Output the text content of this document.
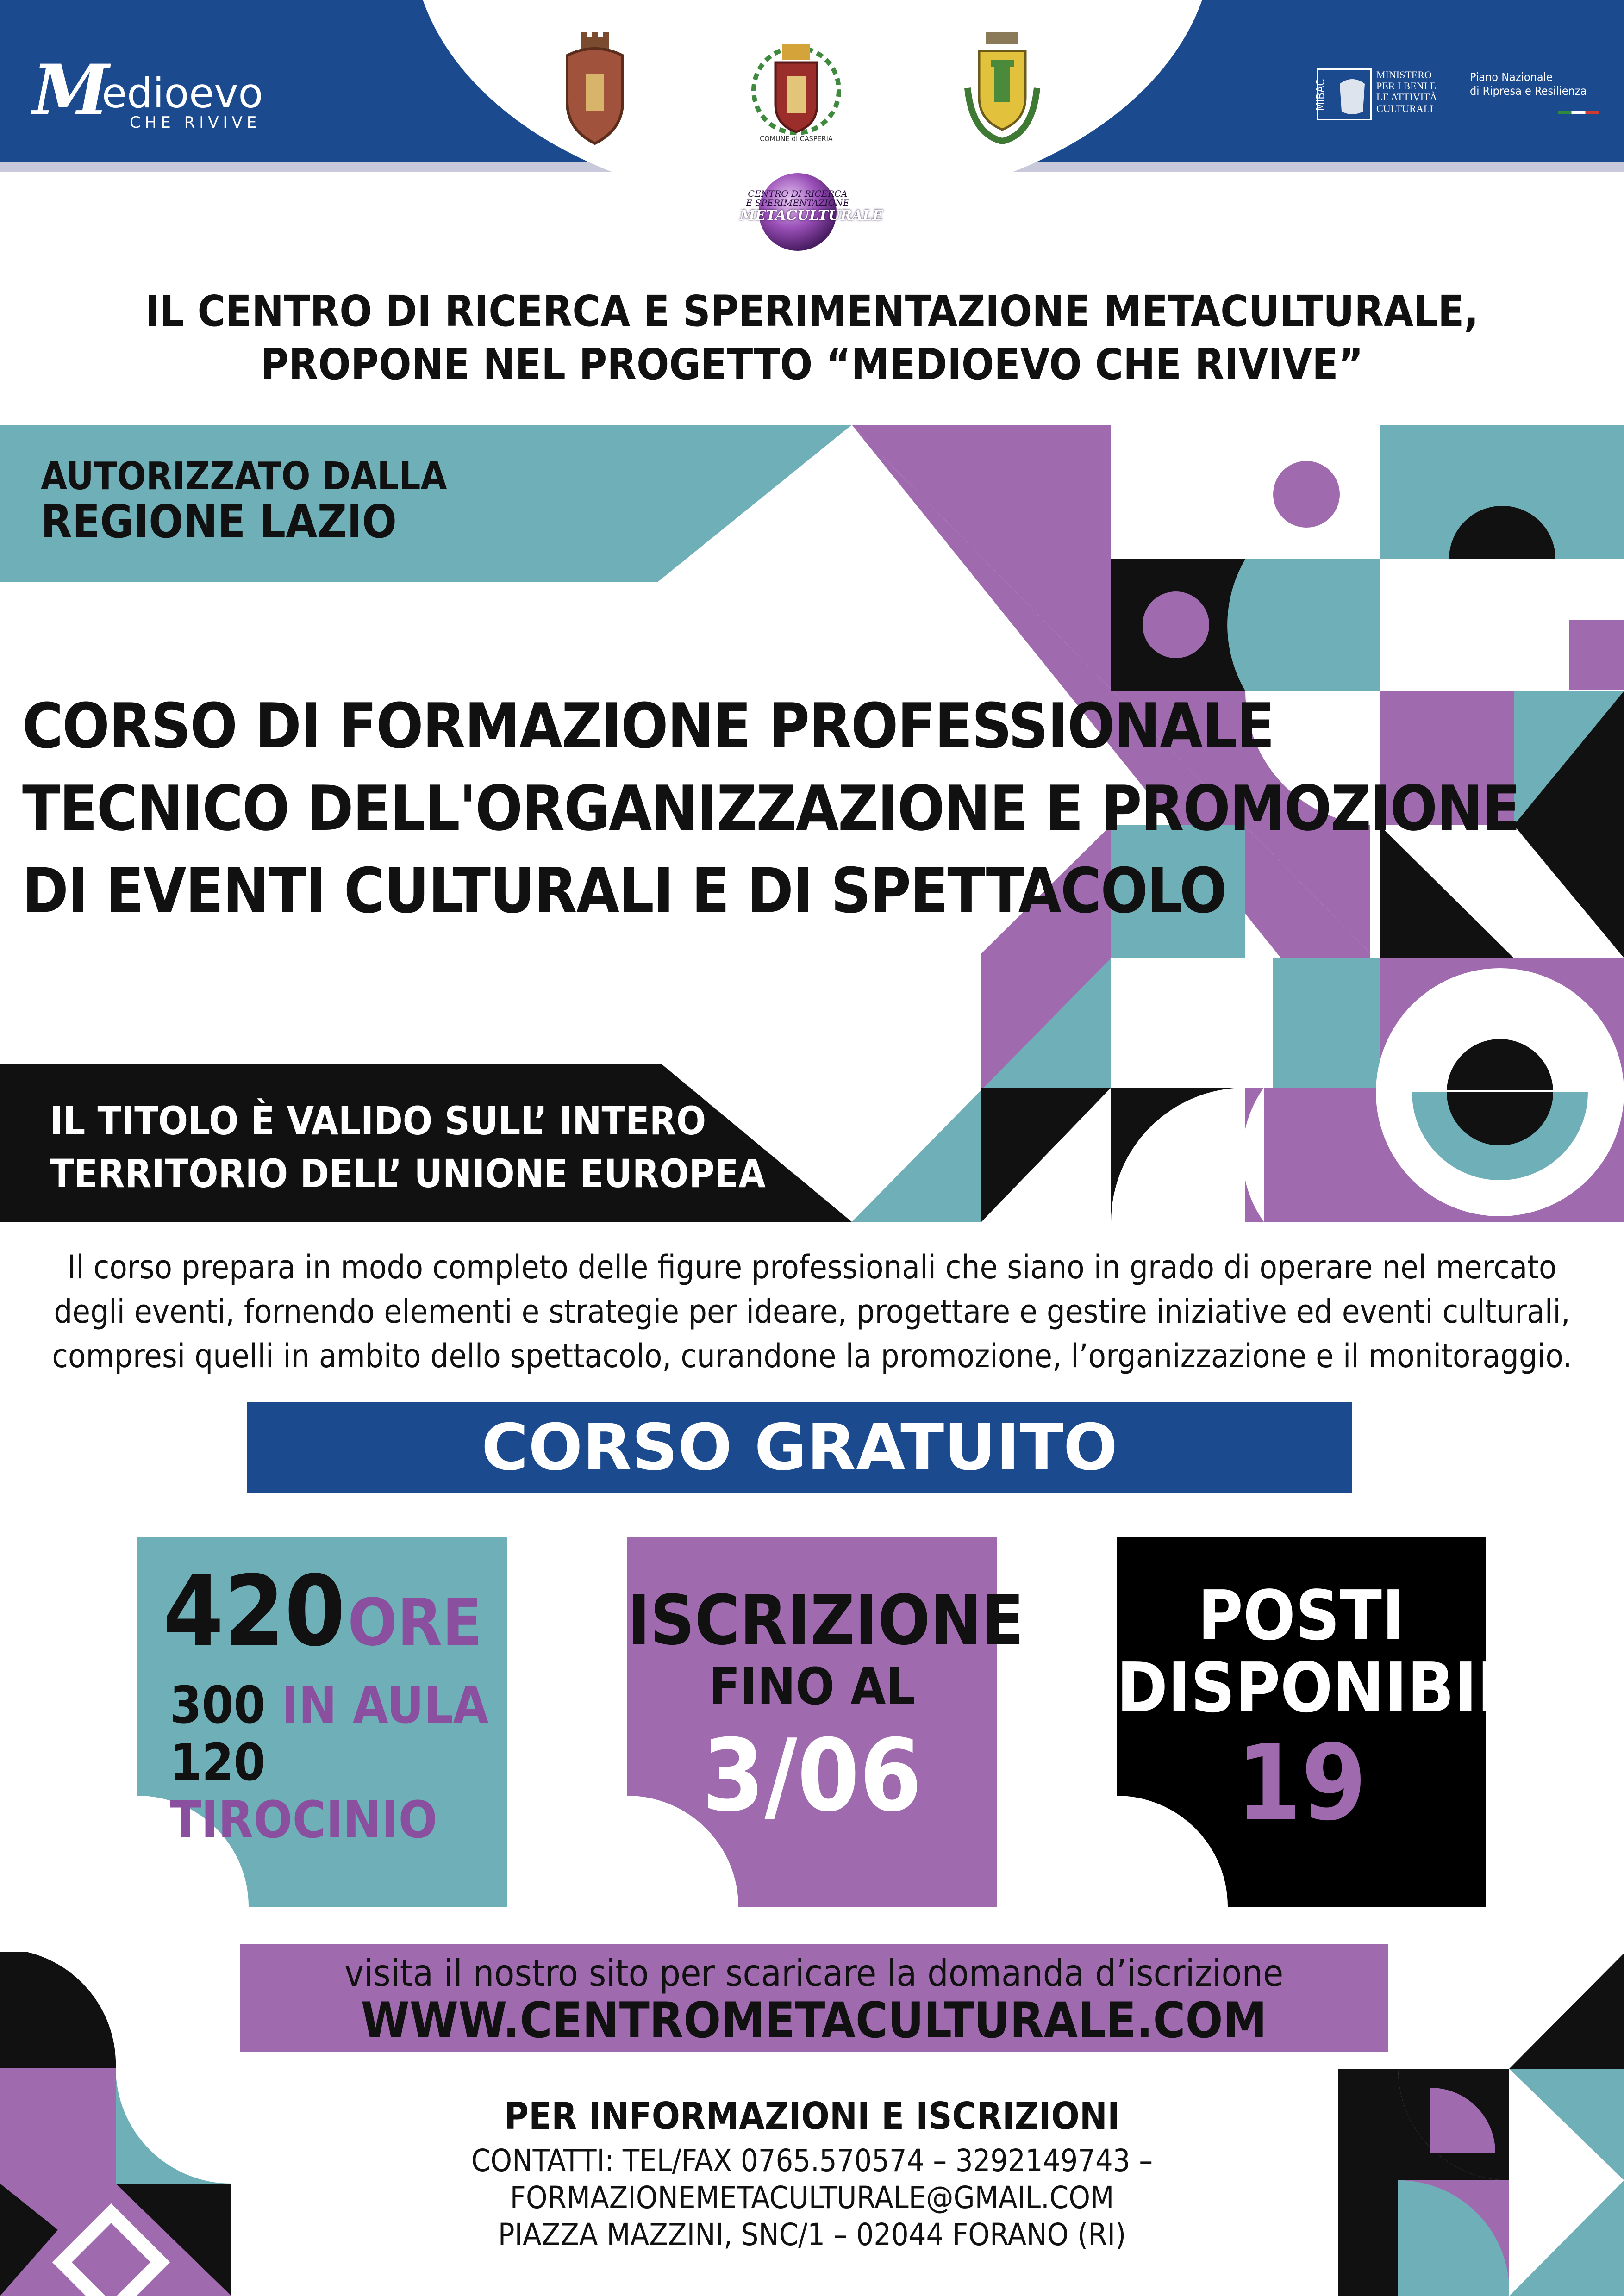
M
edioevo
CHE RIVIVE
COMUNE di CASPERIA
MiBAC
MINISTERO
PER I BENI E
LE ATTIVITÀ
CULTURALI
Piano Nazionale
di Ripresa e Resilienza
CENTRO DI RICERCA
E SPERIMENTAZIONE
METACULTURALE
IL CENTRO DI RICERCA E SPERIMENTAZIONE METACULTURALE,
PROPONE NEL PROGETTO “MEDIOEVO CHE RIVIVE”
AUTORIZZATO DALLA
REGIONE LAZIO
CORSO DI FORMAZIONE PROFESSIONALE
TECNICO DELL'ORGANIZZAZIONE E PROMOZIONE
DI EVENTI CULTURALI E DI SPETTACOLO
IL TITOLO È VALIDO SULL’ INTERO
TERRITORIO DELL’ UNIONE EUROPEA
Il corso prepara in modo completo delle figure professionali che siano in grado di operare nel mercato
degli eventi, fornendo elementi e strategie per ideare, progettare e gestire iniziative ed eventi culturali,
compresi quelli in ambito dello spettacolo, curandone la promozione, l’organizzazione e il monitoraggio.
CORSO GRATUITO
420 ORE
300 IN AULA
120 TIROCINIO
ISCRIZIONE
FINO AL
3/06
POSTI
DISPONIBILI
19
visita il nostro sito per scaricare la domanda d’iscrizione
WWW.CENTROMETACULTURALE.COM
PER INFORMAZIONI E ISCRIZIONI
CONTATTI: TEL/FAX 0765.570574 – 3292149743 –
FORMAZIONEMETACULTURALE@GMAIL.COM
PIAZZA MAZZINI, SNC/1 – 02044 FORANO (RI)
